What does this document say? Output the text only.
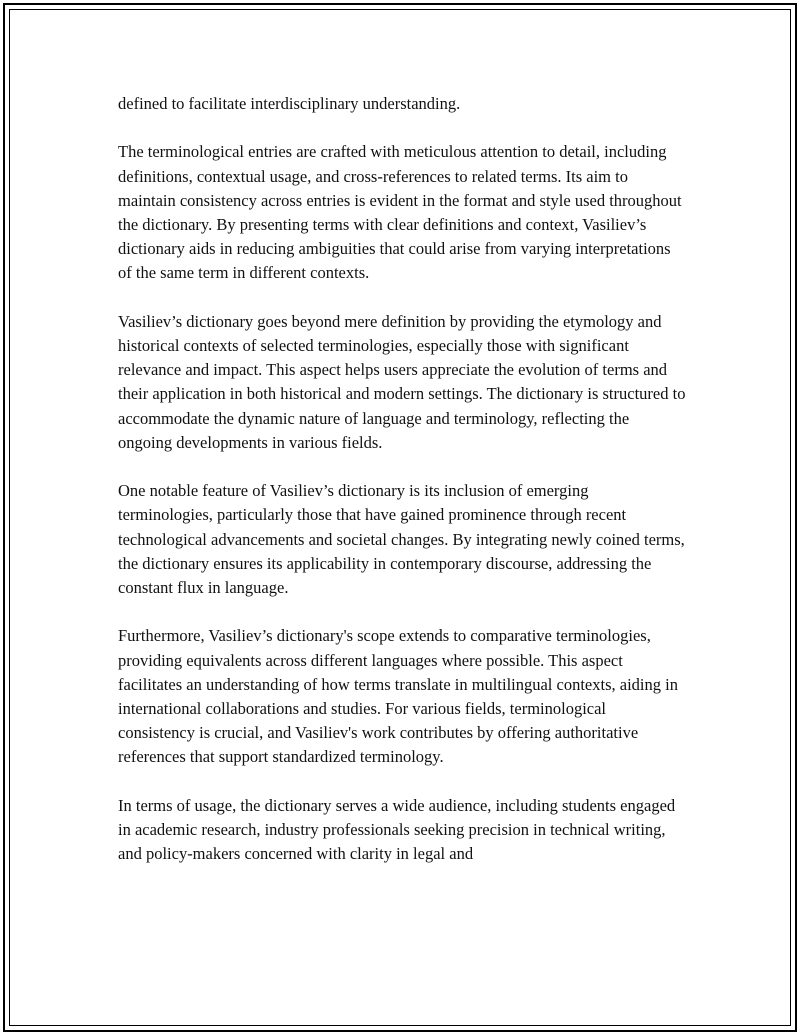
defined to facilitate interdisciplinary understanding.

The terminological entries are crafted with meticulous attention to detail, including definitions, contextual usage, and cross-references to related terms. Its aim to maintain consistency across entries is evident in the format and style used throughout the dictionary. By presenting terms with clear definitions and context, Vasiliev’s dictionary aids in reducing ambiguities that could arise from varying interpretations of the same term in different contexts.

Vasiliev’s dictionary goes beyond mere definition by providing the etymology and historical contexts of selected terminologies, especially those with significant relevance and impact. This aspect helps users appreciate the evolution of terms and their application in both historical and modern settings. The dictionary is structured to accommodate the dynamic nature of language and terminology, reflecting the ongoing developments in various fields.

One notable feature of Vasiliev’s dictionary is its inclusion of emerging terminologies, particularly those that have gained prominence through recent technological advancements and societal changes. By integrating newly coined terms, the dictionary ensures its applicability in contemporary discourse, addressing the constant flux in language.

Furthermore, Vasiliev’s dictionary's scope extends to comparative terminologies, providing equivalents across different languages where possible. This aspect facilitates an understanding of how terms translate in multilingual contexts, aiding in international collaborations and studies. For various fields, terminological consistency is crucial, and Vasiliev's work contributes by offering authoritative references that support standardized terminology.

In terms of usage, the dictionary serves a wide audience, including students engaged in academic research, industry professionals seeking precision in technical writing, and policy-makers concerned with clarity in legal and
